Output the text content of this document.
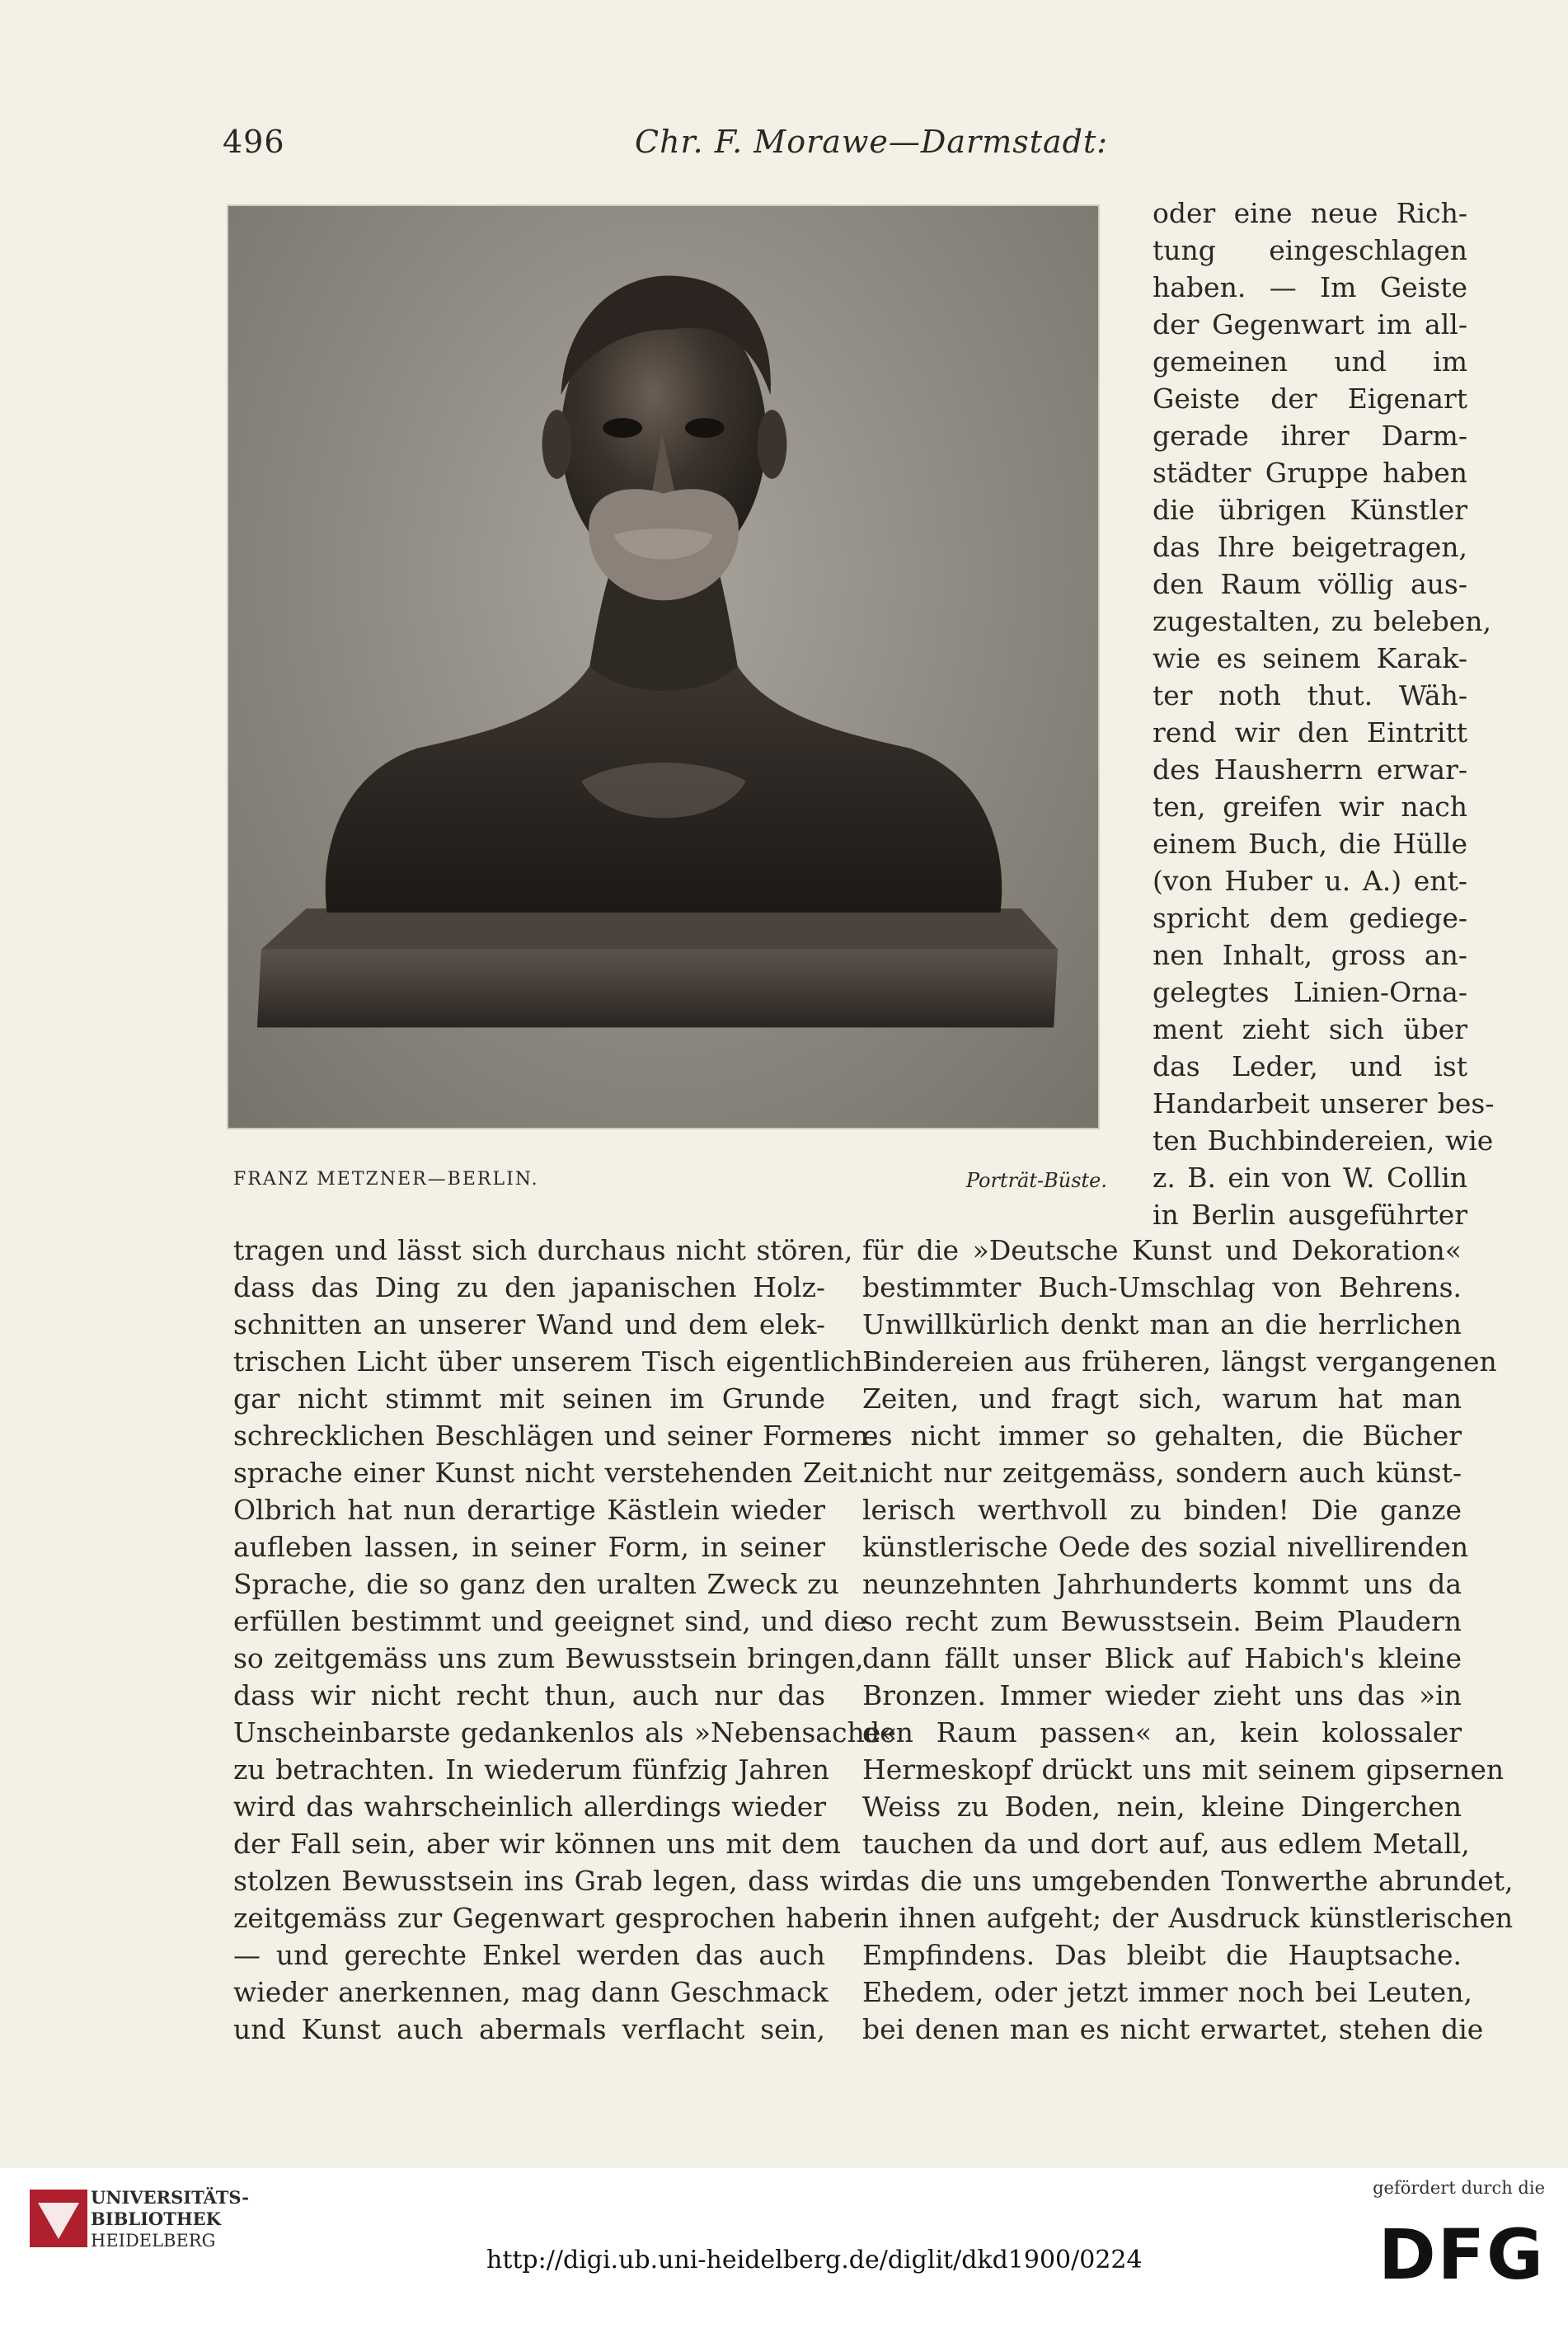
496	Chr. F. Morawe—Darmstadt:
FRANZ METZNER—BERLIN.	Porträt-Büste.
oder eine neue Rich-
tung eingeschlagen
haben. — Im Geiste
der Gegenwart im all-
gemeinen und im
Geiste der Eigenart
gerade ihrer Darm-
städter Gruppe haben
die übrigen Künstler
das Ihre beigetragen,
den Raum völlig aus-
zugestalten, zu beleben,
wie es seinem Karak-
ter noth thut. Wäh-
rend wir den Eintritt
des Hausherrn erwar-
ten, greifen wir nach
einem Buch, die Hülle
(von Huber u. A.) ent-
spricht dem gediege-
nen Inhalt, gross an-
gelegtes Linien-Orna-
ment zieht sich über
das Leder, und ist
Handarbeit unserer bes-
ten Buchbindereien, wie
z. B. ein von W. Collin
in Berlin ausgeführter
tragen und lässt sich durchaus nicht stören,
dass das Ding zu den japanischen Holz-
schnitten an unserer Wand und dem elek-
trischen Licht über unserem Tisch eigentlich
gar nicht stimmt mit seinen im Grunde
schrecklichen Beschlägen und seiner Formen-
sprache einer Kunst nicht verstehenden Zeit.
Olbrich hat nun derartige Kästlein wieder
aufleben lassen, in seiner Form, in seiner
Sprache, die so ganz den uralten Zweck zu
erfüllen bestimmt und geeignet sind, und die
so zeitgemäss uns zum Bewusstsein bringen,
dass wir nicht recht thun, auch nur das
Unscheinbarste gedankenlos als »Nebensache«
zu betrachten. In wiederum fünfzig Jahren
wird das wahrscheinlich allerdings wieder
der Fall sein, aber wir können uns mit dem
stolzen Bewusstsein ins Grab legen, dass wir
zeitgemäss zur Gegenwart gesprochen haben
— und gerechte Enkel werden das auch
wieder anerkennen, mag dann Geschmack
und Kunst auch abermals verflacht sein,
für die »Deutsche Kunst und Dekoration«
bestimmter Buch-Umschlag von Behrens.
Unwillkürlich denkt man an die herrlichen
Bindereien aus früheren, längst vergangenen
Zeiten, und fragt sich, warum hat man
es nicht immer so gehalten, die Bücher
nicht nur zeitgemäss, sondern auch künst-
lerisch werthvoll zu binden! Die ganze
künstlerische Oede des sozial nivellirenden
neunzehnten Jahrhunderts kommt uns da
so recht zum Bewusstsein. Beim Plaudern
dann fällt unser Blick auf Habich's kleine
Bronzen. Immer wieder zieht uns das »in
den Raum passen« an, kein kolossaler
Hermeskopf drückt uns mit seinem gipsernen
Weiss zu Boden, nein, kleine Dingerchen
tauchen da und dort auf, aus edlem Metall,
das die uns umgebenden Tonwerthe abrundet,
in ihnen aufgeht; der Ausdruck künstlerischen
Empfindens. Das bleibt die Hauptsache.
Ehedem, oder jetzt immer noch bei Leuten,
bei denen man es nicht erwartet, stehen die
UNIVERSITÄTS-
BIBLIOTHEK
HEIDELBERG
http://digi.ub.uni-heidelberg.de/diglit/dkd1900/0224
gefördert durch die
DFG
